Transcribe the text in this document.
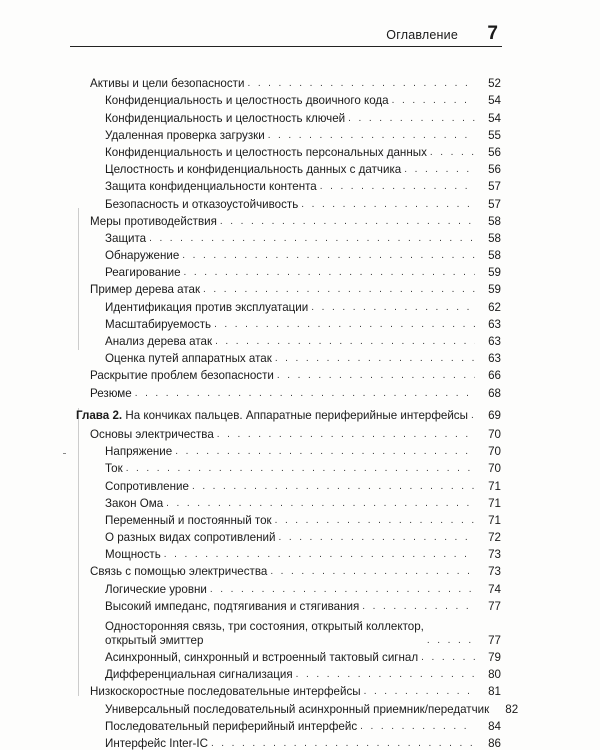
Оглавление 7
Активы и цели безопасности . . .	52
Конфиденциальность и целостность двоичного кода . . .	54
Конфиденциальность и целостность ключей . . .	54
Удаленная проверка загрузки . . .	55
Конфиденциальность и целостность персональных данных . . .	56
Целостность и конфиденциальность данных с датчика . . .	56
Защита конфиденциальности контента . . .	57
Безопасность и отказоустойчивость . . .	57
Меры противодействия . . .	58
Защита . . .	58
Обнаружение . . .	58
Реагирование . . .	59
Пример дерева атак . . .	59
Идентификация против эксплуатации . . .	62
Масштабируемость . . .	63
Анализ дерева атак . . .	63
Оценка путей аппаратных атак . . .	63
Раскрытие проблем безопасности . . .	66
Резюме . . .	68
Глава 2. На кончиках пальцев. Аппаратные периферийные интерфейсы . . .	69
Основы электричества . . .	70
Напряжение . . .	70
Ток . . .	70
Сопротивление . . .	71
Закон Ома . . .	71
Переменный и постоянный ток . . .	71
О разных видах сопротивлений . . .	72
Мощность . . .	73
Связь с помощью электричества . . .	73
Логические уровни . . .	74
Высокий импеданс, подтягивания и стягивания . . .	77
Односторонняя связь, три состояния, открытый коллектор,
открытый эмиттер . . .	77
Асинхронный, синхронный и встроенный тактовый сигнал . . .	79
Дифференциальная сигнализация . . .	80
Низкоскоростные последовательные интерфейсы . . .	81
Универсальный последовательный асинхронный приемник/передатчик	82
Последовательный периферийный интерфейс . . .	84
Интерфейс Inter-IC . . .	86
